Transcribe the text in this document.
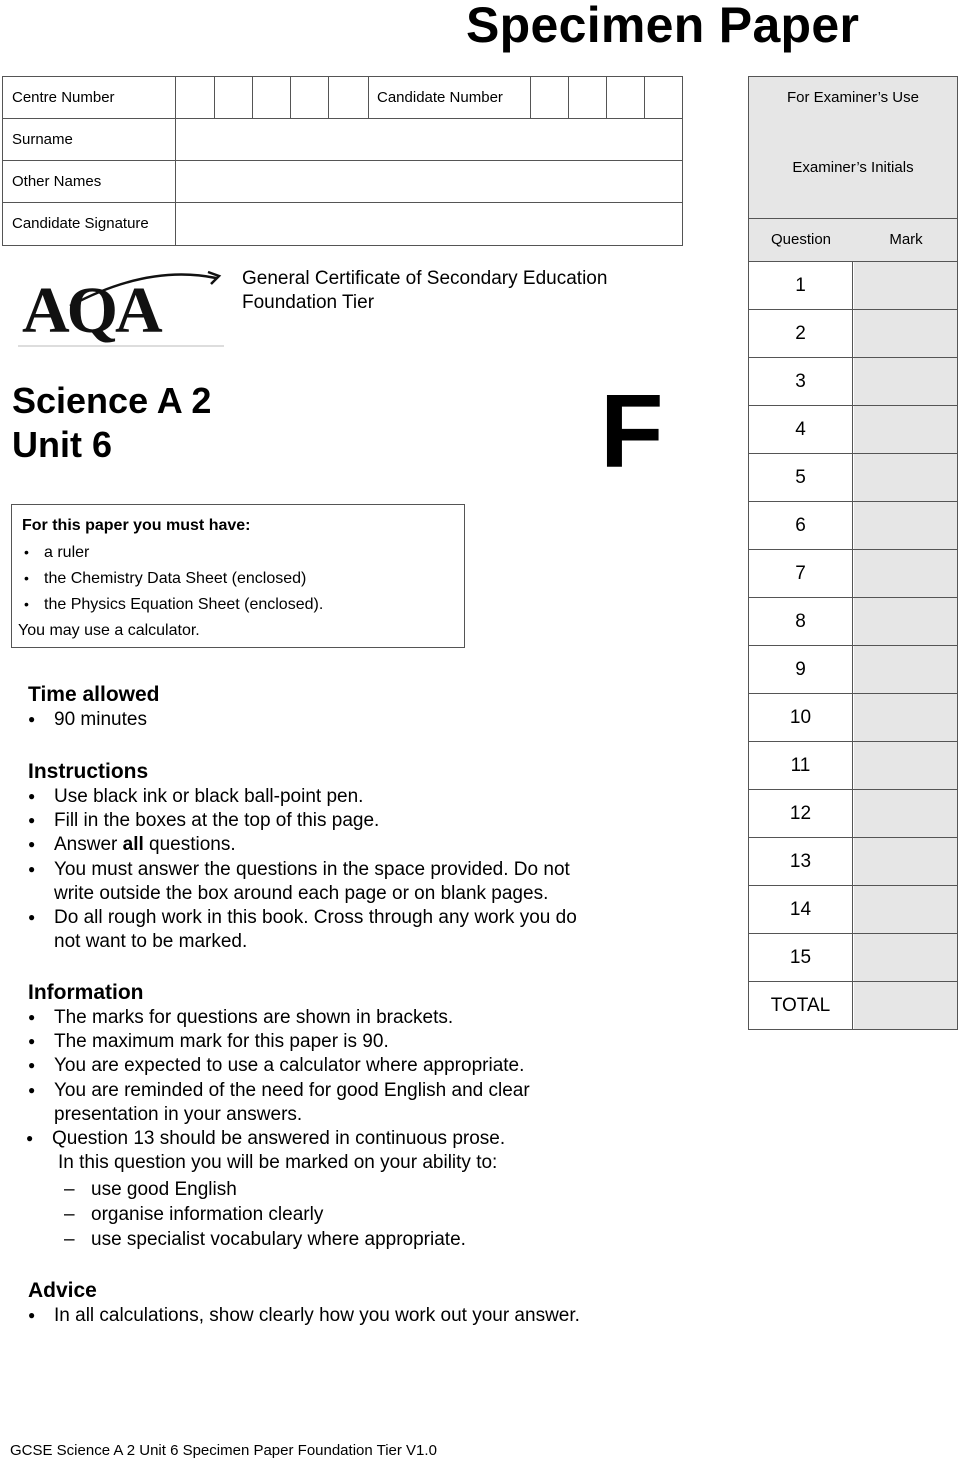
Specimen Paper
Centre Number	Candidate Number
Surname
Other Names
Candidate Signature
For Examiner’s Use
Examiner’s Initials
Question	Mark
1
2
3
4
5
6
7
8
9
10
11
12
13
14
15
TOTAL
AQA	General Certificate of Secondary Education
Foundation Tier
Science A 2
Unit 6	F
For this paper you must have:
• a ruler
• the Chemistry Data Sheet (enclosed)
• the Physics Equation Sheet (enclosed).
You may use a calculator.
Time allowed
● 90 minutes
Instructions
● Use black ink or black ball-point pen.
● Fill in the boxes at the top of this page.
● Answer all questions.
● You must answer the questions in the space provided. Do not
write outside the box around each page or on blank pages.
● Do all rough work in this book. Cross through any work you do
not want to be marked.
Information
● The marks for questions are shown in brackets.
● The maximum mark for this paper is 90.
● You are expected to use a calculator where appropriate.
● You are reminded of the need for good English and clear
presentation in your answers.
● Question 13 should be answered in continuous prose.
In this question you will be marked on your ability to:
– use good English
– organise information clearly
– use specialist vocabulary where appropriate.
Advice
● In all calculations, show clearly how you work out your answer.
GCSE Science A 2 Unit 6 Specimen Paper Foundation Tier V1.0
